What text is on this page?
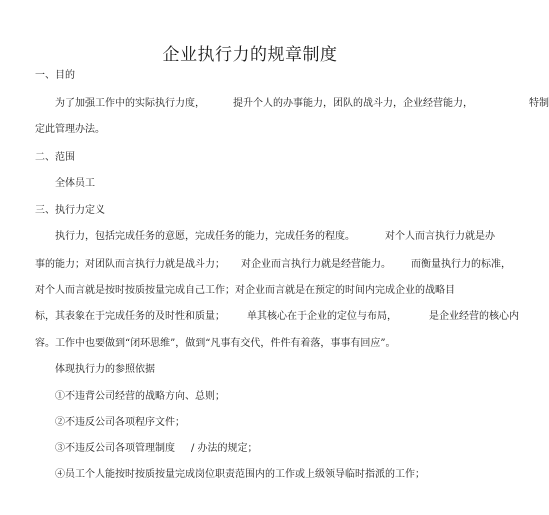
企业执行力的规章制度
一、目的
为了加强工作中的实际执行力度，	提升个人的办事能力，团队的战斗力，企业经营能力，	特制
定此管理办法。
二、范围
全体员工
三、执行力定义
执行力，包括完成任务的意愿，完成任务的能力，完成任务的程度。	对个人而言执行力就是办
事的能力；对团队而言执行力就是战斗力； 对企业而言执行力就是经营能力。 而衡量执行力的标准，
对个人而言就是按时按质按量完成自己工作；对企业而言就是在预定的时间内完成企业的战略目
标，其表象在于完成任务的及时性和质量； 单其核心在于企业的定位与布局，	是企业经营的核心内
容。工作中也要做到“闭环思维”，做到“凡事有交代，件件有着落，事事有回应”。
体现执行力的参照依据
①不违背公司经营的战略方向、总则；
②不违反公司各项程序文件；
③不违反公司各项管理制度 / 办法的规定；
④员工个人能按时按质按量完成岗位职责范围内的工作或上级领导临时指派的工作；
